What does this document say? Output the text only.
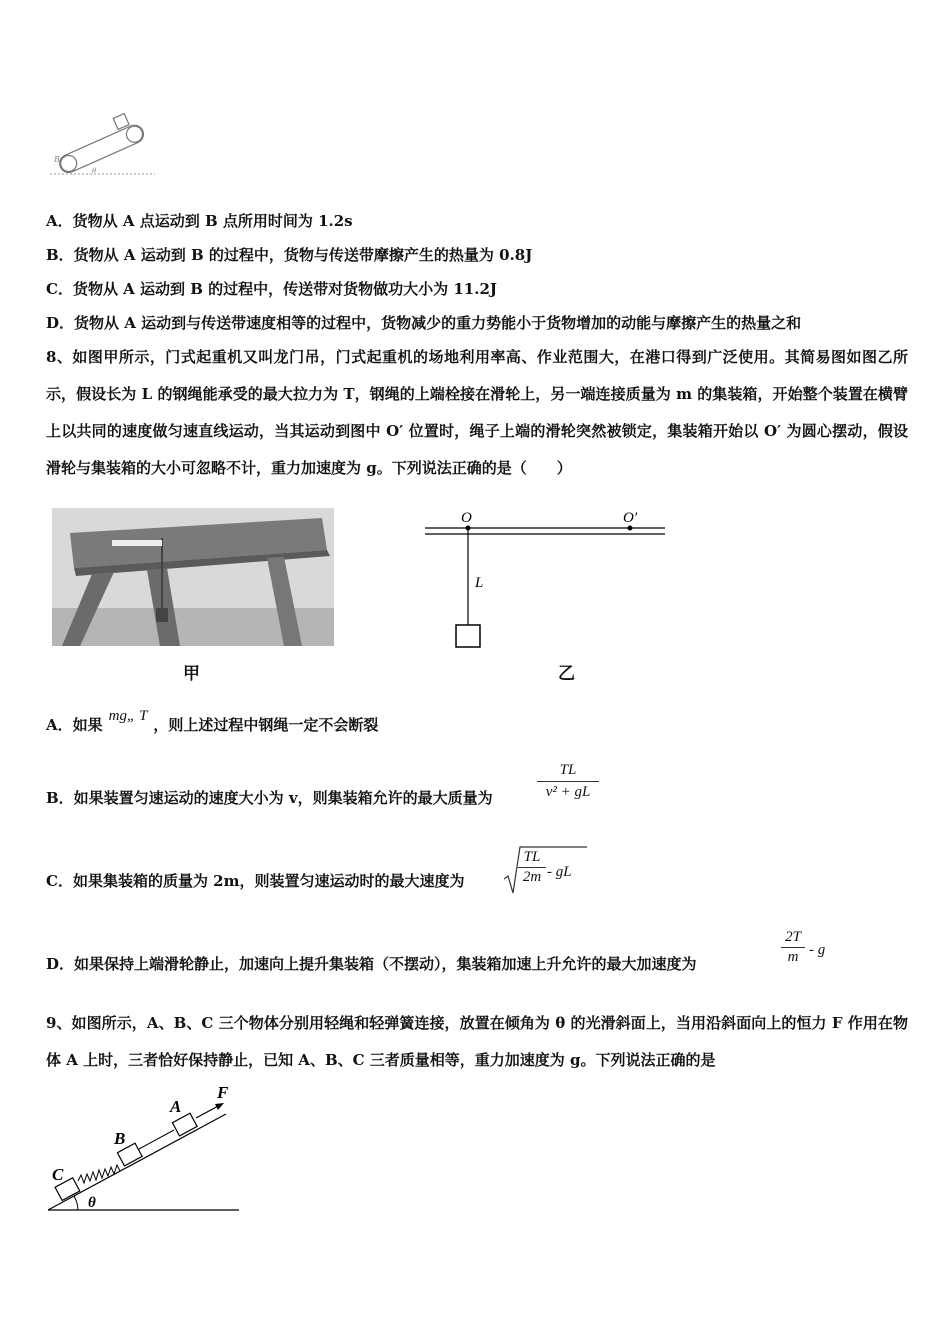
B
θ
A．货物从 A 点运动到 B 点所用时间为 1.2s
B．货物从 A 运动到 B 的过程中，货物与传送带摩擦产生的热量为 0.8J
C．货物从 A 运动到 B 的过程中，传送带对货物做功大小为 11.2J
D．货物从 A 运动到与传送带速度相等的过程中，货物减少的重力势能小于货物增加的动能与摩擦产生的热量之和
8、如图甲所示，门式起重机又叫龙门吊，门式起重机的场地利用率高、作业范围大，在港口得到广泛使用。其简易图如图乙所示，假设长为 L 的钢绳能承受的最大拉力为 T，钢绳的上端栓接在滑轮上，另一端连接质量为 m 的集装箱，开始整个装置在横臂上以共同的速度做匀速直线运动，当其运动到图中 O′ 位置时，绳子上端的滑轮突然被锁定，集装箱开始以 O′ 为圆心摆动，假设滑轮与集装箱的大小可忽略不计，重力加速度为 g。下列说法正确的是（　　）
甲
O	O′
L
乙
A．如果 mg„ T ，则上述过程中钢绳一定不会断裂
B．如果装置匀速运动的速度大小为 v，则集装箱允许的最大质量为	$\frac{TL}{\text{v² + gL}}$
C．如果集装箱的质量为 2m，则装置匀速运动时的最大速度为	$\frac{TL}{2m}$ - gL
D．如果保持上端滑轮静止，加速向上提升集装箱（不摆动），集装箱加速上升允许的最大加速度为	$\frac{2T}{m}$ - g
9、如图所示，A、B、C 三个物体分别用轻绳和轻弹簧连接，放置在倾角为 θ 的光滑斜面上，当用沿斜面向上的恒力 F 作用在物体 A 上时，三者恰好保持静止，已知 A、B、C 三者质量相等，重力加速度为 g。下列说法正确的是
C
B
A
F
θ
